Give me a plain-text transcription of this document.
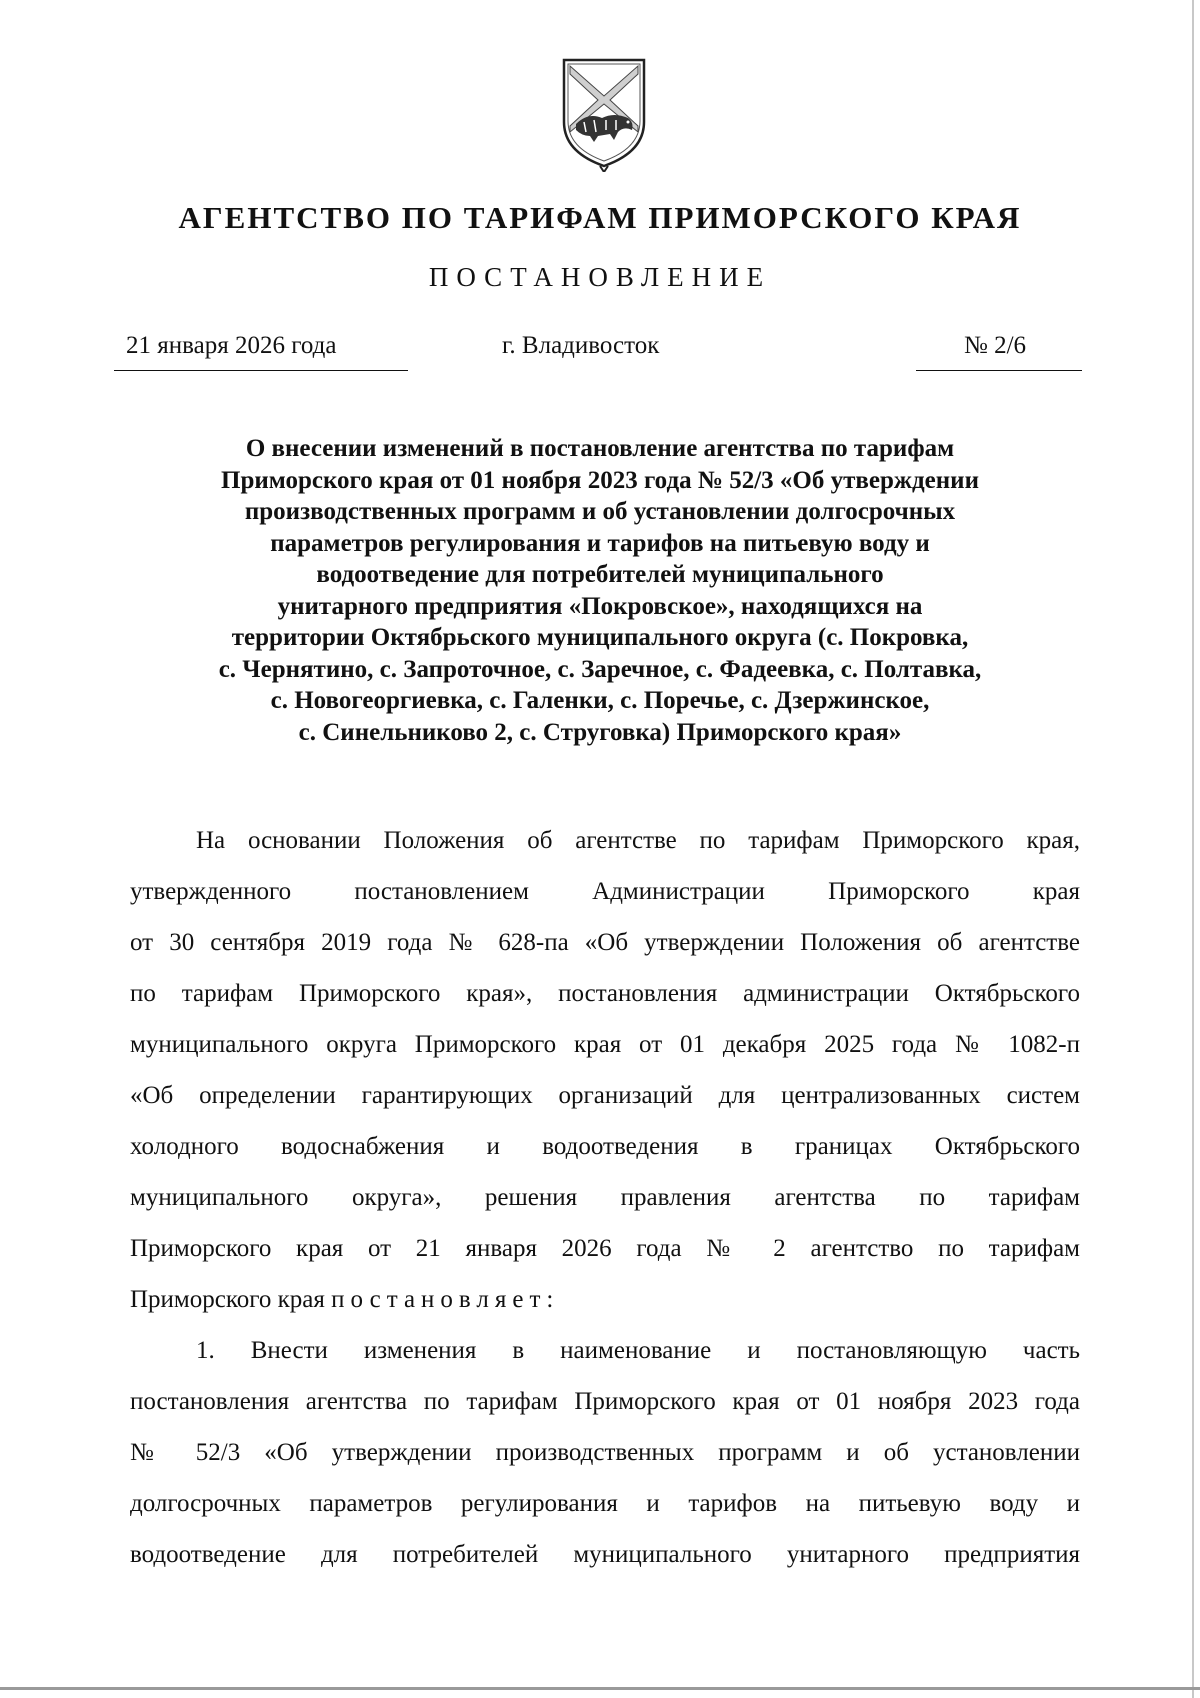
АГЕНТСТВО ПО ТАРИФАМ ПРИМОРСКОГО КРАЯ
ПОСТАНОВЛЕНИЕ
21 января 2026 года	г. Владивосток	№ 2/6
О внесении изменений в постановление агентства по тарифам
Приморского края от 01 ноября 2023 года № 52/3 «Об утверждении
производственных программ и об установлении долгосрочных
параметров регулирования и тарифов на питьевую воду и
водоотведение для потребителей муниципального
унитарного предприятия «Покровское», находящихся на
территории Октябрьского муниципального округа (с. Покровка,
с. Чернятино, с. Запроточное, с. Заречное, с. Фадеевка, с. Полтавка,
с. Новогеоргиевка, с. Галенки, с. Поречье, с. Дзержинское,
с. Синельниково 2, с. Струговка) Приморского края»
На основании Положения об агентстве по тарифам Приморского края,
утвержденного постановлением Администрации Приморского края
от 30 сентября 2019 года № 628-па «Об утверждении Положения об агентстве
по тарифам Приморского края», постановления администрации Октябрьского
муниципального округа Приморского края от 01 декабря 2025 года № 1082-п
«Об определении гарантирующих организаций для централизованных систем
холодного водоснабжения и водоотведения в границах Октябрьского
муниципального округа», решения правления агентства по тарифам
Приморского края от 21 января 2026 года № 2 агентство по тарифам
Приморского края постановляет:
1. Внести изменения в наименование и постановляющую часть
постановления агентства по тарифам Приморского края от 01 ноября 2023 года
№ 52/3 «Об утверждении производственных программ и об установлении
долгосрочных параметров регулирования и тарифов на питьевую воду и
водоотведение для потребителей муниципального унитарного предприятия
